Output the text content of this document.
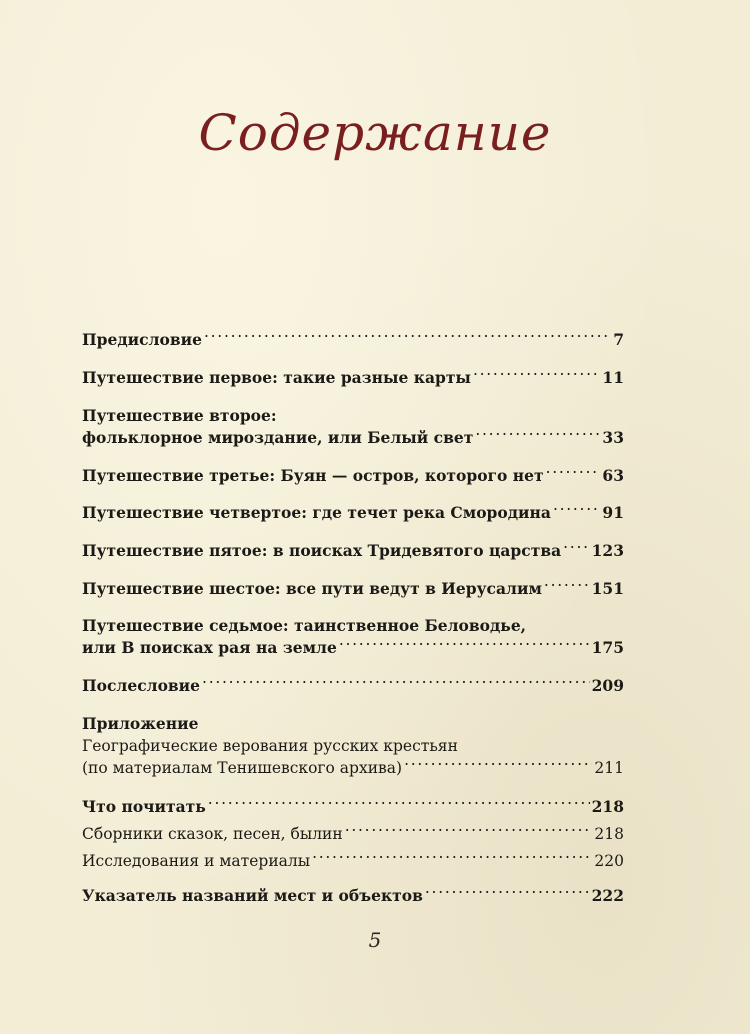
Содержание
Предисловие . . .	7
Путешествие первое: такие разные карты . . .	11
Путешествие второе:
фольклорное мироздание, или Белый свет . . .	33
Путешествие третье: Буян — остров, которого нет . . .	63
Путешествие четвертое: где течет река Смородина . . .	91
Путешествие пятое: в поисках Тридевятого царства . . . 123
Путешествие шестое: все пути ведут в Иерусалим . . .	151
Путешествие седьмое: таинственное Беловодье,
или В поисках рая на земле . . .	175
Послесловие . . .	209
Приложение
Географические верования русских крестьян
(по материалам Тенишевского архива) . . .	211
Что почитать . . .	218
Сборники сказок, песен, былин . . .	218
Исследования и материалы . . .	220
Указатель названий мест и объектов . . .	222
5
